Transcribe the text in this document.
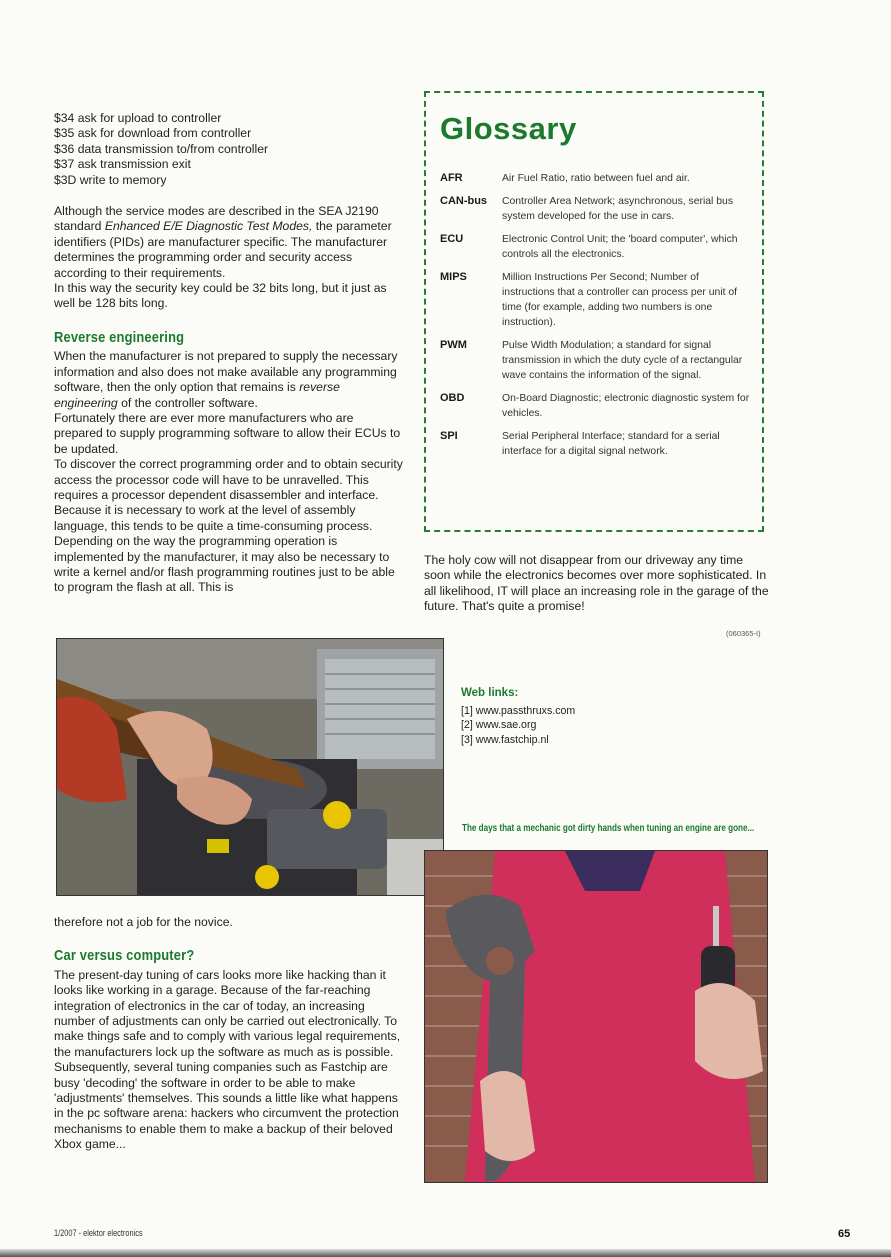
$34 ask for upload to controller
$35 ask for download from controller
$36 data transmission to/from controller
$37 ask transmission exit
$3D write to memory

Although the service modes are described in the SEA J2190 standard Enhanced E/E Diagnostic Test Modes, the parameter identifiers (PIDs) are manufacturer specific. The manufacturer determines the programming order and security access according to their requirements.

In this way the security key could be 32 bits long, but it just as well be 128 bits long.

Reverse engineering

When the manufacturer is not prepared to supply the necessary information and also does not make available any programming software, then the only option that remains is reverse engineering of the controller software.

Fortunately there are ever more manufacturers who are prepared to supply programming software to allow their ECUs to be updated.

To discover the correct programming order and to obtain security access the processor code will have to be unravelled. This requires a processor dependent disassembler and interface. Because it is necessary to work at the level of assembly language, this tends to be quite a time-consuming process. Depending on the way the programming operation is implemented by the manufacturer, it may also be necessary to write a kernel and/or flash programming routines just to be able to program the flash at all. This is

Glossary
AFR	Air Fuel Ratio, ratio between fuel and air.
CAN-bus	Controller Area Network; asynchronous, serial bus system developed for the use in cars.
ECU	Electronic Control Unit; the 'board computer', which controls all the electronics.
MIPS	Million Instructions Per Second; Number of instructions that a controller can process per unit of time (for example, adding two numbers is one instruction).
PWM	Pulse Width Modulation; a standard for signal transmission in which the duty cycle of a rectangular wave contains the information of the signal.
OBD	On-Board Diagnostic; electronic diagnostic system for vehicles.
SPI	Serial Peripheral Interface; standard for a serial interface for a digital signal network.

The holy cow will not disappear from our driveway any time soon while the electronics becomes over more sophisticated. In all likelihood, IT will place an increasing role in the garage of the future. That's quite a promise!

(060365-I)

therefore not a job for the novice.

Car versus computer?

The present-day tuning of cars looks more like hacking than it looks like working in a garage. Because of the far-reaching integration of electronics in the car of today, an increasing number of adjustments can only be carried out electronically. To make things safe and to comply with various legal requirements, the manufacturers lock up the software as much as is possible. Subsequently, several tuning companies such as Fastchip are busy 'decoding' the software in order to be able to make 'adjustments' themselves. This sounds a little like what happens in the pc software arena: hackers who circumvent the protection mechanisms to enable them to make a backup of their beloved Xbox game...

Web links:
[1] www.passthruxs.com
[2] www.sae.org
[3] www.fastchip.nl
The days that a mechanic got dirty hands when tuning an engine are gone...
1/2007 - elektor electronics	65
